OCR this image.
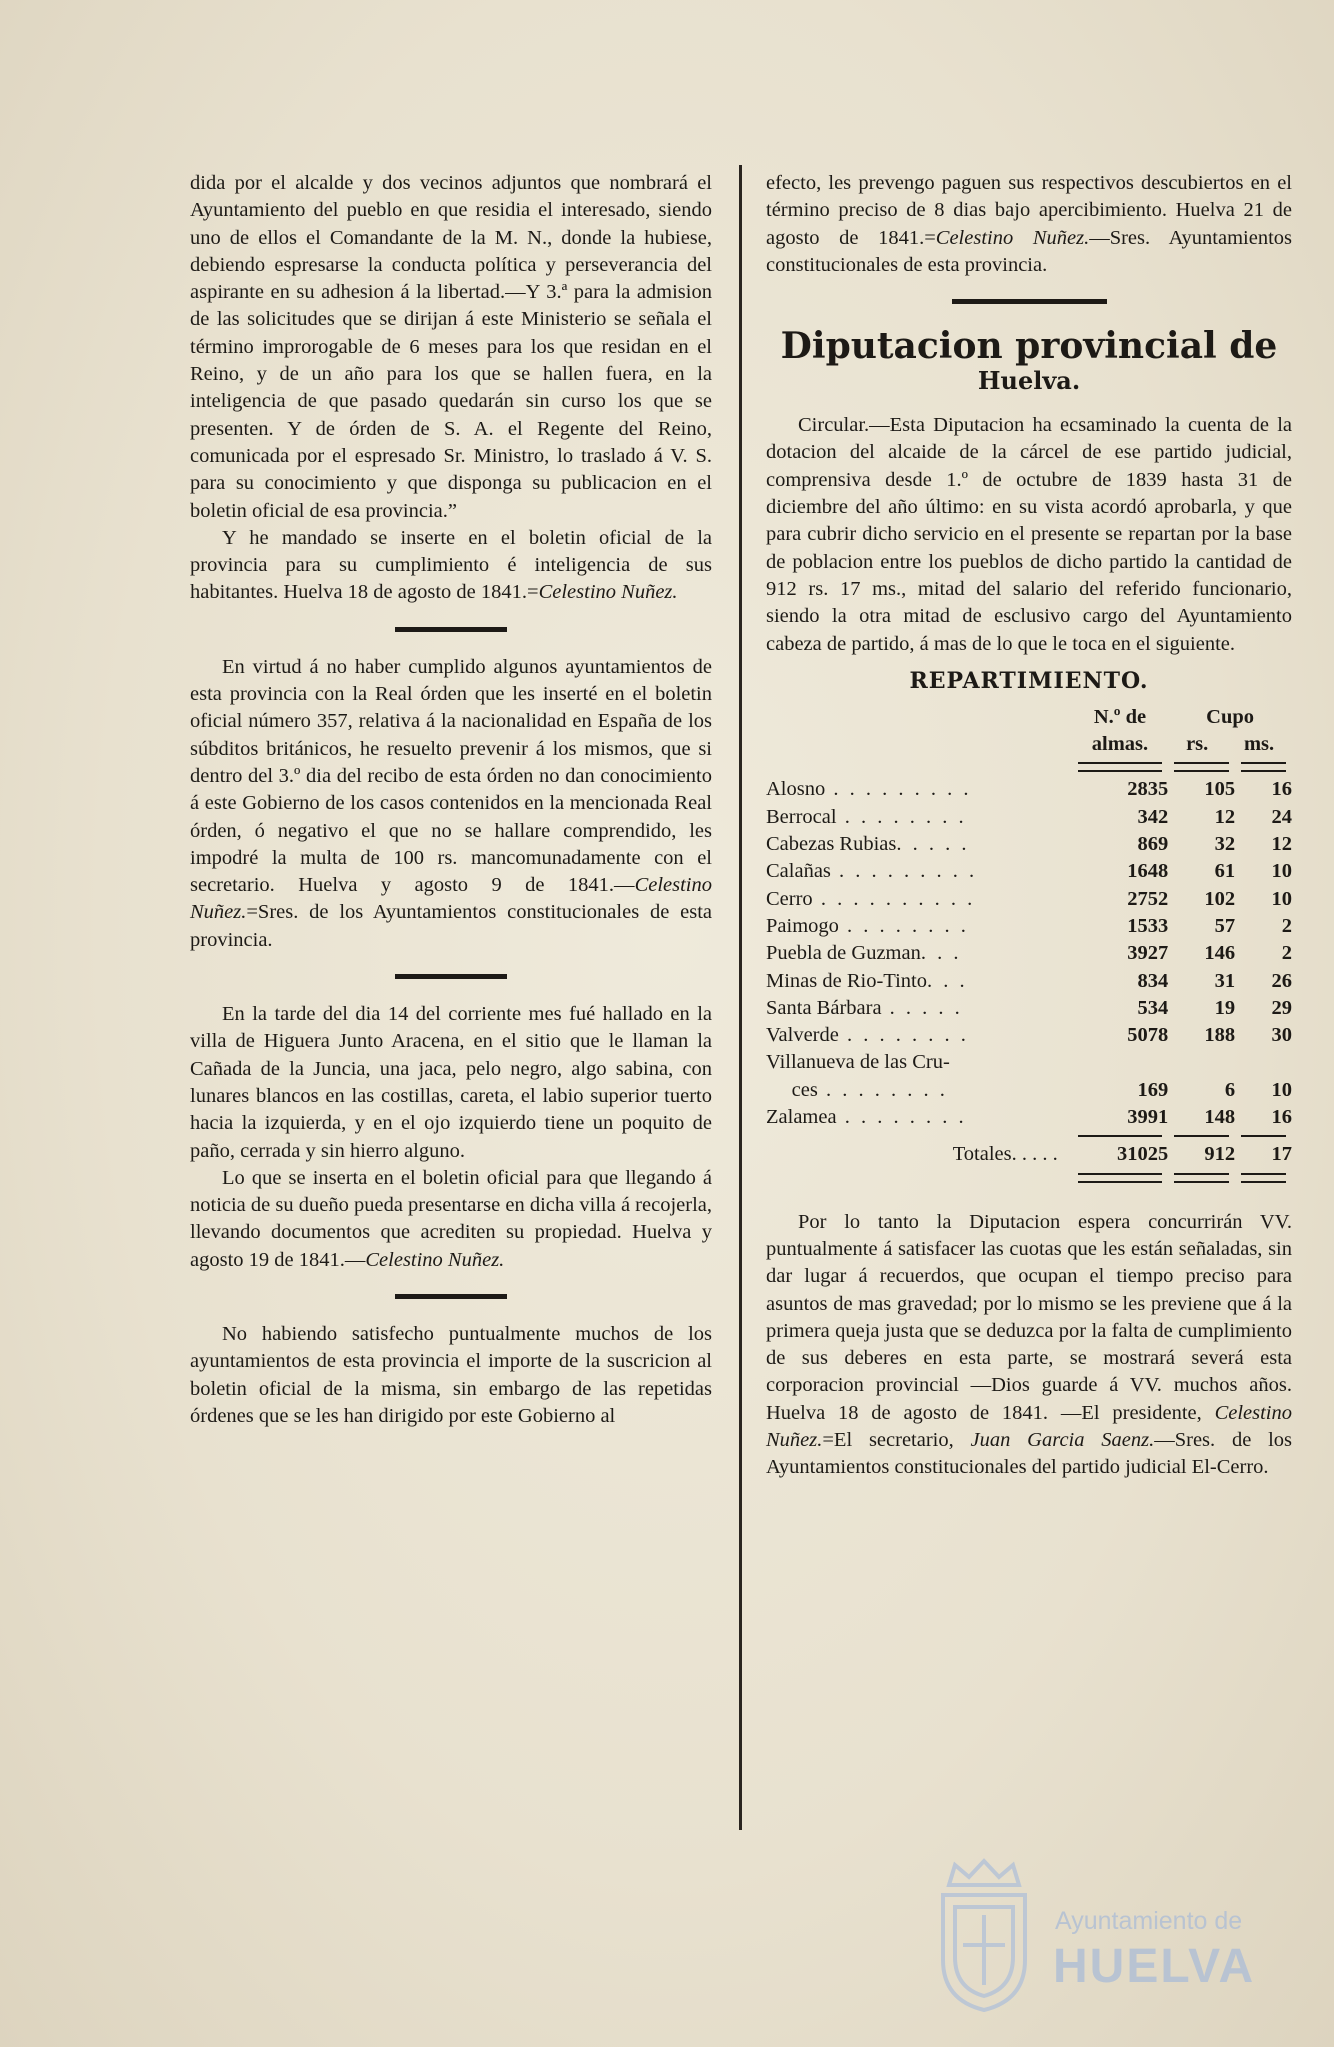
dida por el alcalde y dos vecinos adjuntos que nombrará el Ayuntamiento del pueblo en que residia el interesado, siendo uno de ellos el Comandante de la M. N., donde la hubiese, debiendo espresarse la conducta política y perseverancia del aspirante en su adhesion á la libertad.—Y 3.ª para la admision de las solicitudes que se dirijan á este Ministerio se señala el término improrogable de 6 meses para los que residan en el Reino, y de un año para los que se hallen fuera, en la inteligencia de que pasado quedarán sin curso los que se presenten. Y de órden de S. A. el Regente del Reino, comunicada por el espresado Sr. Ministro, lo traslado á V. S. para su conocimiento y que disponga su publicacion en el boletin oficial de esa provincia.”

Y he mandado se inserte en el boletin oficial de la provincia para su cumplimiento é inteligencia de sus habitantes. Huelva 18 de agosto de 1841.=Celestino Nuñez.

En virtud á no haber cumplido algunos ayuntamientos de esta provincia con la Real órden que les inserté en el boletin oficial número 357, relativa á la nacionalidad en España de los súbditos británicos, he resuelto prevenir á los mismos, que si dentro del 3.º dia del recibo de esta órden no dan conocimiento á este Gobierno de los casos contenidos en la mencionada Real órden, ó negativo el que no se hallare comprendido, les impodré la multa de 100 rs. mancomunadamente con el secretario. Huelva y agosto 9 de 1841.—Celestino Nuñez.=Sres. de los Ayuntamientos constitucionales de esta provincia.

En la tarde del dia 14 del corriente mes fué hallado en la villa de Higuera Junto Aracena, en el sitio que le llaman la Cañada de la Juncia, una jaca, pelo negro, algo sabina, con lunares blancos en las costillas, careta, el labio superior tuerto hacia la izquierda, y en el ojo izquierdo tiene un poquito de paño, cerrada y sin hierro alguno.

Lo que se inserta en el boletin oficial para que llegando á noticia de su dueño pueda presentarse en dicha villa á recojerla, llevando documentos que acrediten su propiedad. Huelva y agosto 19 de 1841.—Celestino Nuñez.

No habiendo satisfecho puntualmente muchos de los ayuntamientos de esta provincia el importe de la suscricion al boletin oficial de la misma, sin embargo de las repetidas órdenes que se les han dirigido por este Gobierno al

efecto, les prevengo paguen sus respectivos descubiertos en el término preciso de 8 dias bajo apercibimiento. Huelva 21 de agosto de 1841.=Celestino Nuñez.—Sres. Ayuntamientos constitucionales de esta provincia.

Diputacion provincial de
Huelva.

Circular.—Esta Diputacion ha ecsaminado la cuenta de la dotacion del alcaide de la cárcel de ese partido judicial, comprensiva desde 1.º de octubre de 1839 hasta 31 de diciembre del año último: en su vista acordó aprobarla, y que para cubrir dicho servicio en el presente se repartan por la base de poblacion entre los pueblos de dicho partido la cantidad de 912 rs. 17 ms., mitad del salario del referido funcionario, siendo la otra mitad de esclusivo cargo del Ayuntamiento cabeza de partido, á mas de lo que le toca en el siguiente.

REPARTIMIENTO.
	N.º de almas.	Cupo
rs. ms.	

Alosno . . . . . . . . .	2835	105	16
Berrocal . . . . . . . .	342	12	24
Cabezas Rubias. . . . .	869	32	12
Calañas . . . . . . . . .	1648	61	10
Cerro . . . . . . . . . .	2752	102	10
Paimogo . . . . . . . .	1533	57	2
Puebla de Guzman. . .	3927	146	2
Minas de Rio-Tinto. . .	834	31	26
Santa Bárbara . . . . .	534	19	29
Valverde . . . . . . . .	5078	188	30
Villanueva de las Cru-			
ces . . . . . . . .	169	6	10
Zalamea . . . . . . . .	3991	148	16

Totales. . . . .	31025	912	17

Por lo tanto la Diputacion espera concurrirán VV. puntualmente á satisfacer las cuotas que les están señaladas, sin dar lugar á recuerdos, que ocupan el tiempo preciso para asuntos de mas gravedad; por lo mismo se les previene que á la primera queja justa que se deduzca por la falta de cumplimiento de sus deberes en esta parte, se mostrará severá esta corporacion provincial —Dios guarde á VV. muchos años. Huelva 18 de agosto de 1841. —El presidente, Celestino Nuñez.=El secretario, Juan Garcia Saenz.—Sres. de los Ayuntamientos constitucionales del partido judicial El-Cerro.

Ayuntamiento de
HUELVA
